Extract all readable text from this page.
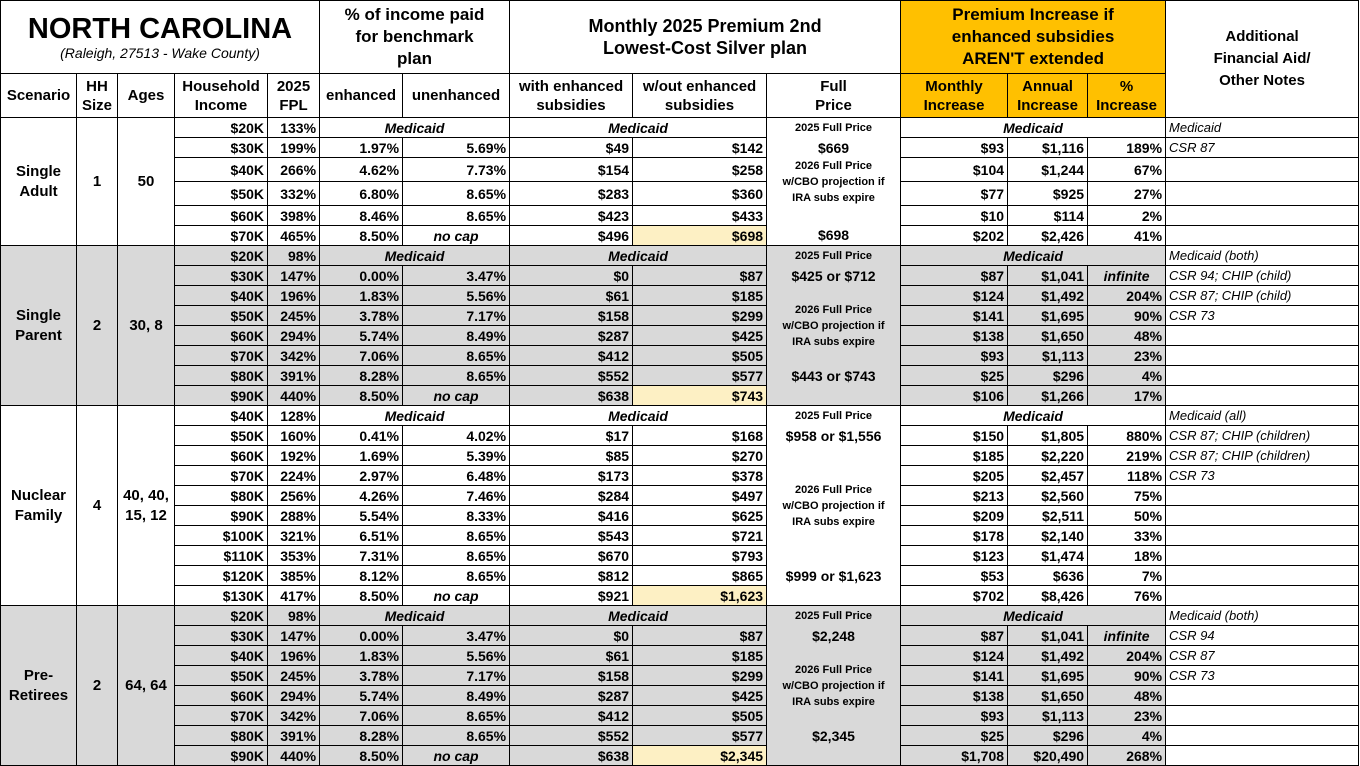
NORTH CAROLINA
(Raleigh, 27513 - Wake County)					% of income paid for benchmark plan		Monthly 2025 Premium 2nd Lowest-Cost Silver plan			Premium Increase if enhanced subsidies AREN'T extended			Additional Financial Aid/ Other Notes
Scenario	HH Size	Ages	Household Income	2025 FPL	enhanced	unenhanced	with enhanced subsidies	w/out enhanced subsidies	Full Price	Monthly Increase	Annual Increase	% Increase	
Single Adult	1	50	$20K	133%	Medicaid		Medicaid		2025 Full Price	Medicaid			Medicaid
			$30K	199%	1.97%	5.69%	$49	$142	$669	$93	$1,116	189%	CSR 87
			$40K	266%	4.62%	7.73%	$154	$258	2026 Full Price w/CBO projection if IRA subs expire	$104	$1,244	67%	
			$50K	332%	6.80%	8.65%	$283	$360		$77	$925	27%	
			$60K	398%	8.46%	8.65%	$423	$433		$10	$114	2%	
			$70K	465%	8.50%	no cap	$496	$698	$698	$202	$2,426	41%	
Single Parent	2	30, 8	$20K	98%	Medicaid		Medicaid		2025 Full Price	Medicaid			Medicaid (both)
			$30K	147%	0.00%	3.47%	$0	$87	$425 or $712	$87	$1,041	infinite	CSR 94; CHIP (child)
			$40K	196%	1.83%	5.56%	$61	$185	2026 Full Price w/CBO projection if IRA subs expire	$124	$1,492	204%	CSR 87; CHIP (child)
			$50K	245%	3.78%	7.17%	$158	$299		$141	$1,695	90%	CSR 73
			$60K	294%	5.74%	8.49%	$287	$425		$138	$1,650	48%	
			$70K	342%	7.06%	8.65%	$412	$505		$93	$1,113	23%	
			$80K	391%	8.28%	8.65%	$552	$577	$443 or $743	$25	$296	4%	
			$90K	440%	8.50%	no cap	$638	$743		$106	$1,266	17%	
Nuclear Family	4	40, 40, 15, 12	$40K	128%	Medicaid		Medicaid		2025 Full Price	Medicaid			Medicaid (all)
			$50K	160%	0.41%	4.02%	$17	$168	$958 or $1,556	$150	$1,805	880%	CSR 87; CHIP (children)
			$60K	192%	1.69%	5.39%	$85	$270	2026 Full Price w/CBO projection if IRA subs expire	$185	$2,220	219%	CSR 87; CHIP (children)
			$70K	224%	2.97%	6.48%	$173	$378		$205	$2,457	118%	CSR 73
			$80K	256%	4.26%	7.46%	$284	$497		$213	$2,560	75%	
			$90K	288%	5.54%	8.33%	$416	$625		$209	$2,511	50%	
			$100K	321%	6.51%	8.65%	$543	$721		$178	$2,140	33%	
			$110K	353%	7.31%	8.65%	$670	$793		$123	$1,474	18%	
			$120K	385%	8.12%	8.65%	$812	$865	$999 or $1,623	$53	$636	7%	
			$130K	417%	8.50%	no cap	$921	$1,623		$702	$8,426	76%	
Pre- Retirees	2	64, 64	$20K	98%	Medicaid		Medicaid		2025 Full Price	Medicaid			Medicaid (both)
			$30K	147%	0.00%	3.47%	$0	$87	$2,248	$87	$1,041	infinite	CSR 94
			$40K	196%	1.83%	5.56%	$61	$185	2026 Full Price w/CBO projection if IRA subs expire	$124	$1,492	204%	CSR 87
			$50K	245%	3.78%	7.17%	$158	$299		$141	$1,695	90%	CSR 73
			$60K	294%	5.74%	8.49%	$287	$425		$138	$1,650	48%	
			$70K	342%	7.06%	8.65%	$412	$505		$93	$1,113	23%	
			$80K	391%	8.28%	8.65%	$552	$577	$2,345	$25	$296	4%	
			$90K	440%	8.50%	no cap	$638	$2,345		$1,708	$20,490	268%	
